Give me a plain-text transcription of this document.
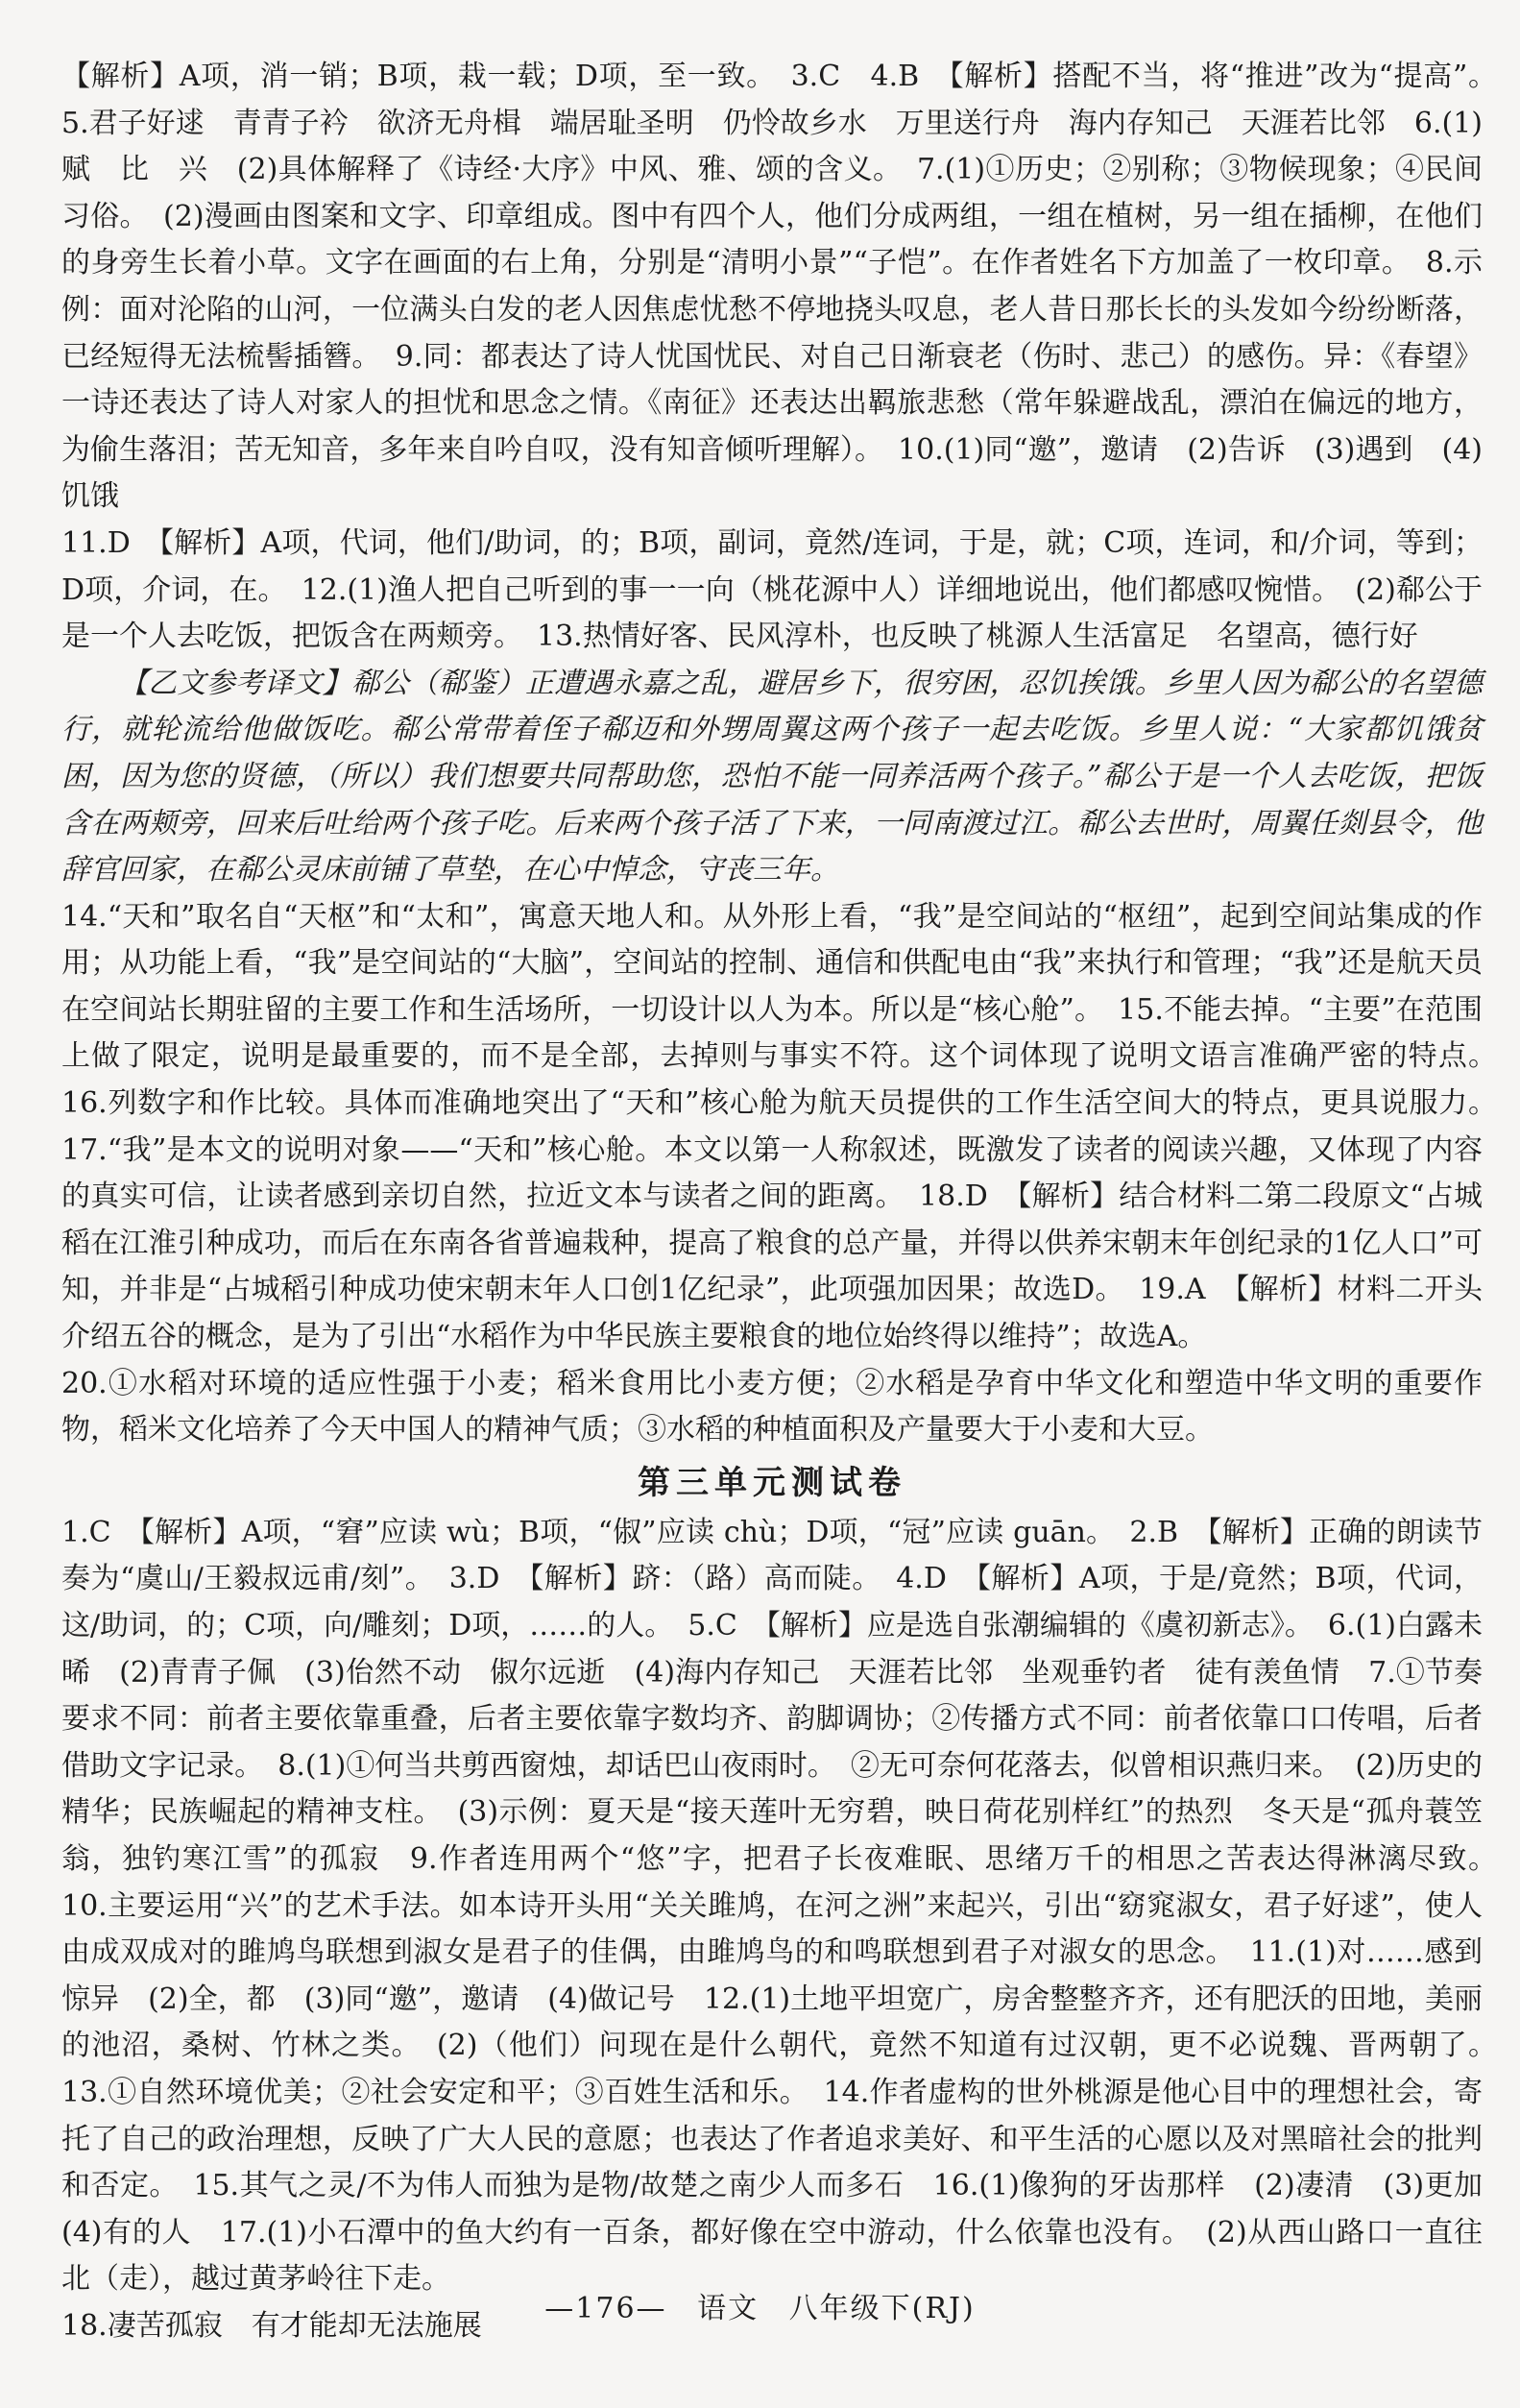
【解析】A项，消一销；B项，栽一载；D项，至一致。　3.C　4.B　【解析】搭配不当，将“推进”改为“提高”。　5.君子好逑　青青子衿　欲济无舟楫　端居耻圣明　仍怜故乡水　万里送行舟　海内存知己　天涯若比邻　6.(1)赋　比　兴　(2)具体解释了《诗经·大序》中风、雅、颂的含义。　7.(1)①历史；②别称；③物候现象；④民间习俗。　(2)漫画由图案和文字、印章组成。图中有四个人，他们分成两组，一组在植树，另一组在插柳，在他们的身旁生长着小草。文字在画面的右上角，分别是“清明小景”“子恺”。在作者姓名下方加盖了一枚印章。　8.示例：面对沦陷的山河，一位满头白发的老人因焦虑忧愁不停地挠头叹息，老人昔日那长长的头发如今纷纷断落，已经短得无法梳髻插簪。　9.同：都表达了诗人忧国忧民、对自己日渐衰老（伤时、悲己）的感伤。异：《春望》一诗还表达了诗人对家人的担忧和思念之情。《南征》还表达出羁旅悲愁（常年躲避战乱，漂泊在偏远的地方，为偷生落泪；苦无知音，多年来自吟自叹，没有知音倾听理解）。　10.(1)同“邀”，邀请　(2)告诉　(3)遇到　(4)饥饿

11.D　【解析】A项，代词，他们/助词，的；B项，副词，竟然/连词，于是，就；C项，连词，和/介词，等到；D项，介词，在。　12.(1)渔人把自己听到的事一一向（桃花源中人）详细地说出，他们都感叹惋惜。　(2)郗公于是一个人去吃饭，把饭含在两颊旁。　13.热情好客、民风淳朴，也反映了桃源人生活富足　名望高，德行好

【乙文参考译文】郗公（郗鉴）正遭遇永嘉之乱，避居乡下，很穷困，忍饥挨饿。乡里人因为郗公的名望德行，就轮流给他做饭吃。郗公常带着侄子郗迈和外甥周翼这两个孩子一起去吃饭。乡里人说：“大家都饥饿贫困，因为您的贤德，（所以）我们想要共同帮助您，恐怕不能一同养活两个孩子。”郗公于是一个人去吃饭，把饭含在两颊旁，回来后吐给两个孩子吃。后来两个孩子活了下来，一同南渡过江。郗公去世时，周翼任剡县令，他辞官回家，在郗公灵床前铺了草垫，在心中悼念，守丧三年。

14.“天和”取名自“天枢”和“太和”，寓意天地人和。从外形上看，“我”是空间站的“枢纽”，起到空间站集成的作用；从功能上看，“我”是空间站的“大脑”，空间站的控制、通信和供配电由“我”来执行和管理；“我”还是航天员在空间站长期驻留的主要工作和生活场所，一切设计以人为本。所以是“核心舱”。　15.不能去掉。“主要”在范围上做了限定，说明是最重要的，而不是全部，去掉则与事实不符。这个词体现了说明文语言准确严密的特点。　16.列数字和作比较。具体而准确地突出了“天和”核心舱为航天员提供的工作生活空间大的特点，更具说服力。　17.“我”是本文的说明对象——“天和”核心舱。本文以第一人称叙述，既激发了读者的阅读兴趣，又体现了内容的真实可信，让读者感到亲切自然，拉近文本与读者之间的距离。　18.D　【解析】结合材料二第二段原文“占城稻在江淮引种成功，而后在东南各省普遍栽种，提高了粮食的总产量，并得以供养宋朝末年创纪录的1亿人口”可知，并非是“占城稻引种成功使宋朝末年人口创1亿纪录”，此项强加因果；故选D。　19.A　【解析】材料二开头介绍五谷的概念，是为了引出“水稻作为中华民族主要粮食的地位始终得以维持”；故选A。

20.①水稻对环境的适应性强于小麦；稻米食用比小麦方便；②水稻是孕育中华文化和塑造中华文明的重要作物，稻米文化培养了今天中国人的精神气质；③水稻的种植面积及产量要大于小麦和大豆。

第三单元测试卷

1.C　【解析】A项，“窘”应读 wù；B项，“俶”应读 chù；D项，“冠”应读 guān。　2.B　【解析】正确的朗读节奏为“虞山/王毅叔远甫/刻”。　3.D　【解析】跻：（路）高而陡。　4.D　【解析】A项，于是/竟然；B项，代词，这/助词，的；C项，向/雕刻；D项，……的人。　5.C　【解析】应是选自张潮编辑的《虞初新志》。　6.(1)白露未晞　(2)青青子佩　(3)佁然不动　俶尔远逝　(4)海内存知己　天涯若比邻　坐观垂钓者　徒有羡鱼情　7.①节奏要求不同：前者主要依靠重叠，后者主要依靠字数均齐、韵脚调协；②传播方式不同：前者依靠口口传唱，后者借助文字记录。　8.(1)①何当共剪西窗烛，却话巴山夜雨时。　②无可奈何花落去，似曾相识燕归来。　(2)历史的精华；民族崛起的精神支柱。　(3)示例：夏天是“接天莲叶无穷碧，映日荷花别样红”的热烈　冬天是“孤舟蓑笠翁，独钓寒江雪”的孤寂　9.作者连用两个“悠”字，把君子长夜难眠、思绪万千的相思之苦表达得淋漓尽致。　10.主要运用“兴”的艺术手法。如本诗开头用“关关雎鸠，在河之洲”来起兴，引出“窈窕淑女，君子好逑”，使人由成双成对的雎鸠鸟联想到淑女是君子的佳偶，由雎鸠鸟的和鸣联想到君子对淑女的思念。　11.(1)对……感到惊异　(2)全，都　(3)同“邀”，邀请　(4)做记号　12.(1)土地平坦宽广，房舍整整齐齐，还有肥沃的田地，美丽的池沼，桑树、竹林之类。　(2)（他们）问现在是什么朝代，竟然不知道有过汉朝，更不必说魏、晋两朝了。　13.①自然环境优美；②社会安定和平；③百姓生活和乐。　14.作者虚构的世外桃源是他心目中的理想社会，寄托了自己的政治理想，反映了广大人民的意愿；也表达了作者追求美好、和平生活的心愿以及对黑暗社会的批判和否定。　15.其气之灵/不为伟人而独为是物/故楚之南少人而多石　16.(1)像狗的牙齿那样　(2)凄清　(3)更加　(4)有的人　17.(1)小石潭中的鱼大约有一百条，都好像在空中游动，什么依靠也没有。　(2)从西山路口一直往北（走），越过黄茅岭往下走。

18.凄苦孤寂　有才能却无法施展

—176— 语文 八年级下(RJ)
